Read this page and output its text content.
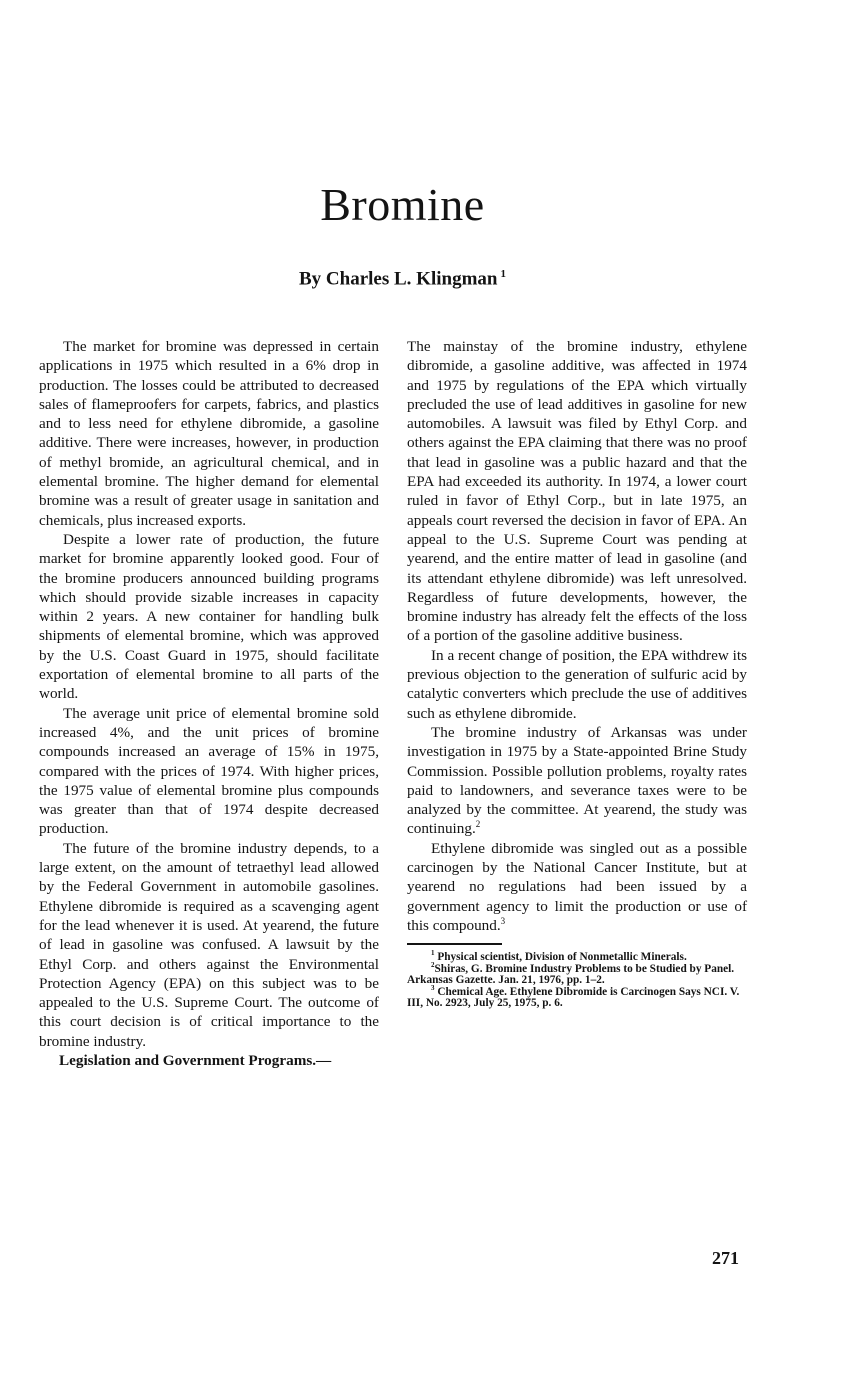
Bromine
By Charles L. Klingman $^1$

The market for bromine was depressed in certain applications in 1975 which resulted in a 6% drop in production. The losses could be attributed to decreased sales of flameproofers for carpets, fabrics, and plastics and to less need for ethylene dibromide, a gasoline additive. There were increases, however, in production of methyl bromide, an agricultural chemical, and in elemental bromine. The higher demand for elemental bromine was a result of greater usage in sanitation and chemicals, plus increased exports.

Despite a lower rate of production, the future market for bromine apparently looked good. Four of the bromine producers announced building programs which should provide sizable increases in capacity within 2 years. A new container for handling bulk shipments of elemental bromine, which was approved by the U.S. Coast Guard in 1975, should facilitate exportation of elemental bromine to all parts of the world.

The average unit price of elemental bromine sold increased 4%, and the unit prices of bromine compounds increased an average of 15% in 1975, compared with the prices of 1974. With higher prices, the 1975 value of elemental bromine plus compounds was greater than that of 1974 despite decreased production.

The future of the bromine industry depends, to a large extent, on the amount of tetraethyl lead allowed by the Federal Government in automobile gasolines. Ethylene dibromide is required as a scavenging agent for the lead whenever it is used. At yearend, the future of lead in gasoline was confused. A lawsuit by the Ethyl Corp. and others against the Environmental Protection Agency (EPA) on this subject was to be appealed to the U.S. Supreme Court. The outcome of this court decision is of critical importance to the bromine industry.

Legislation and Government Programs.—

The mainstay of the bromine industry, ethylene dibromide, a gasoline additive, was affected in 1974 and 1975 by regulations of the EPA which virtually precluded the use of lead additives in gasoline for new automobiles. A lawsuit was filed by Ethyl Corp. and others against the EPA claiming that there was no proof that lead in gasoline was a public hazard and that the EPA had exceeded its authority. In 1974, a lower court ruled in favor of Ethyl Corp., but in late 1975, an appeals court reversed the decision in favor of EPA. An appeal to the U.S. Supreme Court was pending at yearend, and the entire matter of lead in gasoline (and its attendant ethylene dibromide) was left unresolved. Regardless of future developments, however, the bromine industry has already felt the effects of the loss of a portion of the gasoline additive business.

In a recent change of position, the EPA withdrew its previous objection to the generation of sulfuric acid by catalytic converters which preclude the use of additives such as ethylene dibromide.

The bromine industry of Arkansas was under investigation in 1975 by a State-appointed Brine Study Commission. Possible pollution problems, royalty rates paid to landowners, and severance taxes were to be analyzed by the committee. At yearend, the study was continuing.$^2$

Ethylene dibromide was singled out as a possible carcinogen by the National Cancer Institute, but at yearend no regulations had been issued by a government agency to limit the production or use of this compound.$^3$

$^1$ Physical scientist, Division of Nonmetallic Minerals.

$^2$Shiras, G. Bromine Industry Problems to be Studied by Panel. Arkansas Gazette. Jan. 21, 1976, pp. 1–2.

$^3$ Chemical Age. Ethylene Dibromide is Carcinogen Says NCI. V. III, No. 2923, July 25, 1975, p. 6.

271
